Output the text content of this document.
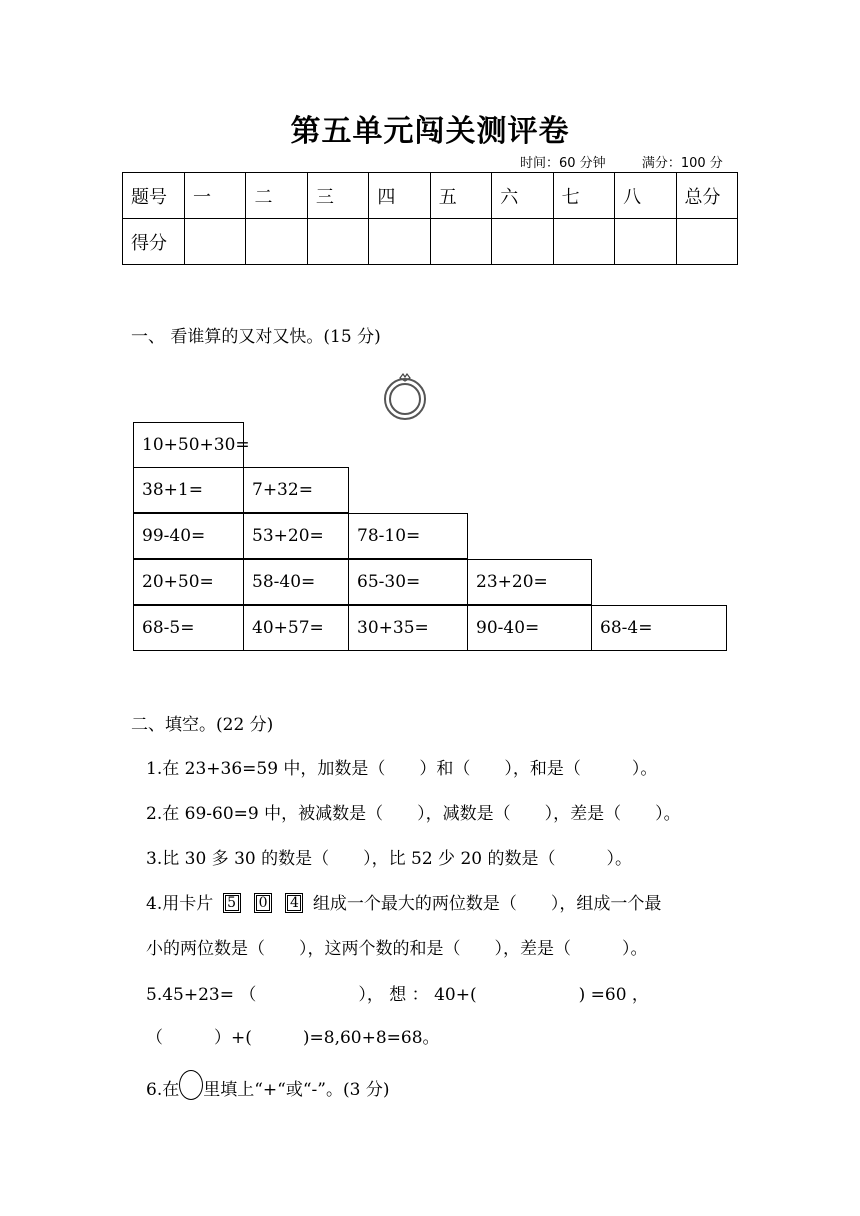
第五单元闯关测评卷
时间：60 分钟	满分：100 分
题号	一	二	三	四	五	六	七	八	总分
得分									
一、 看谁算的又对又快。(15 分)
10+50+30=
38+1=	7+32=
99-40=	53+20=	78-10=
20+50=	58-40=	65-30=	23+20=
68-5=	40+57=	30+35=	90-40=	68-4=
二、填空。(22 分)
1.在 23+36=59 中，加数是（　　）和（　　），和是（　　　）。
2.在 69-60=9 中，被减数是（　　），减数是（　　），差是（　　）。
3.比 30 多 30 的数是（　　），比 52 少 20 的数是（　　　）。
4.用卡片 5 0 4 组成一个最大的两位数是（　　），组成一个最
小的两位数是（　　），这两个数的和是（　　），差是（　　　）。
5.45+23= （　　　　　　）， 想 ： 40+(　　　　　　) =60 ，
（　　　）+(　　　)=8,60+8=68。
6.在 里填上“+“或“-”。(3 分)
